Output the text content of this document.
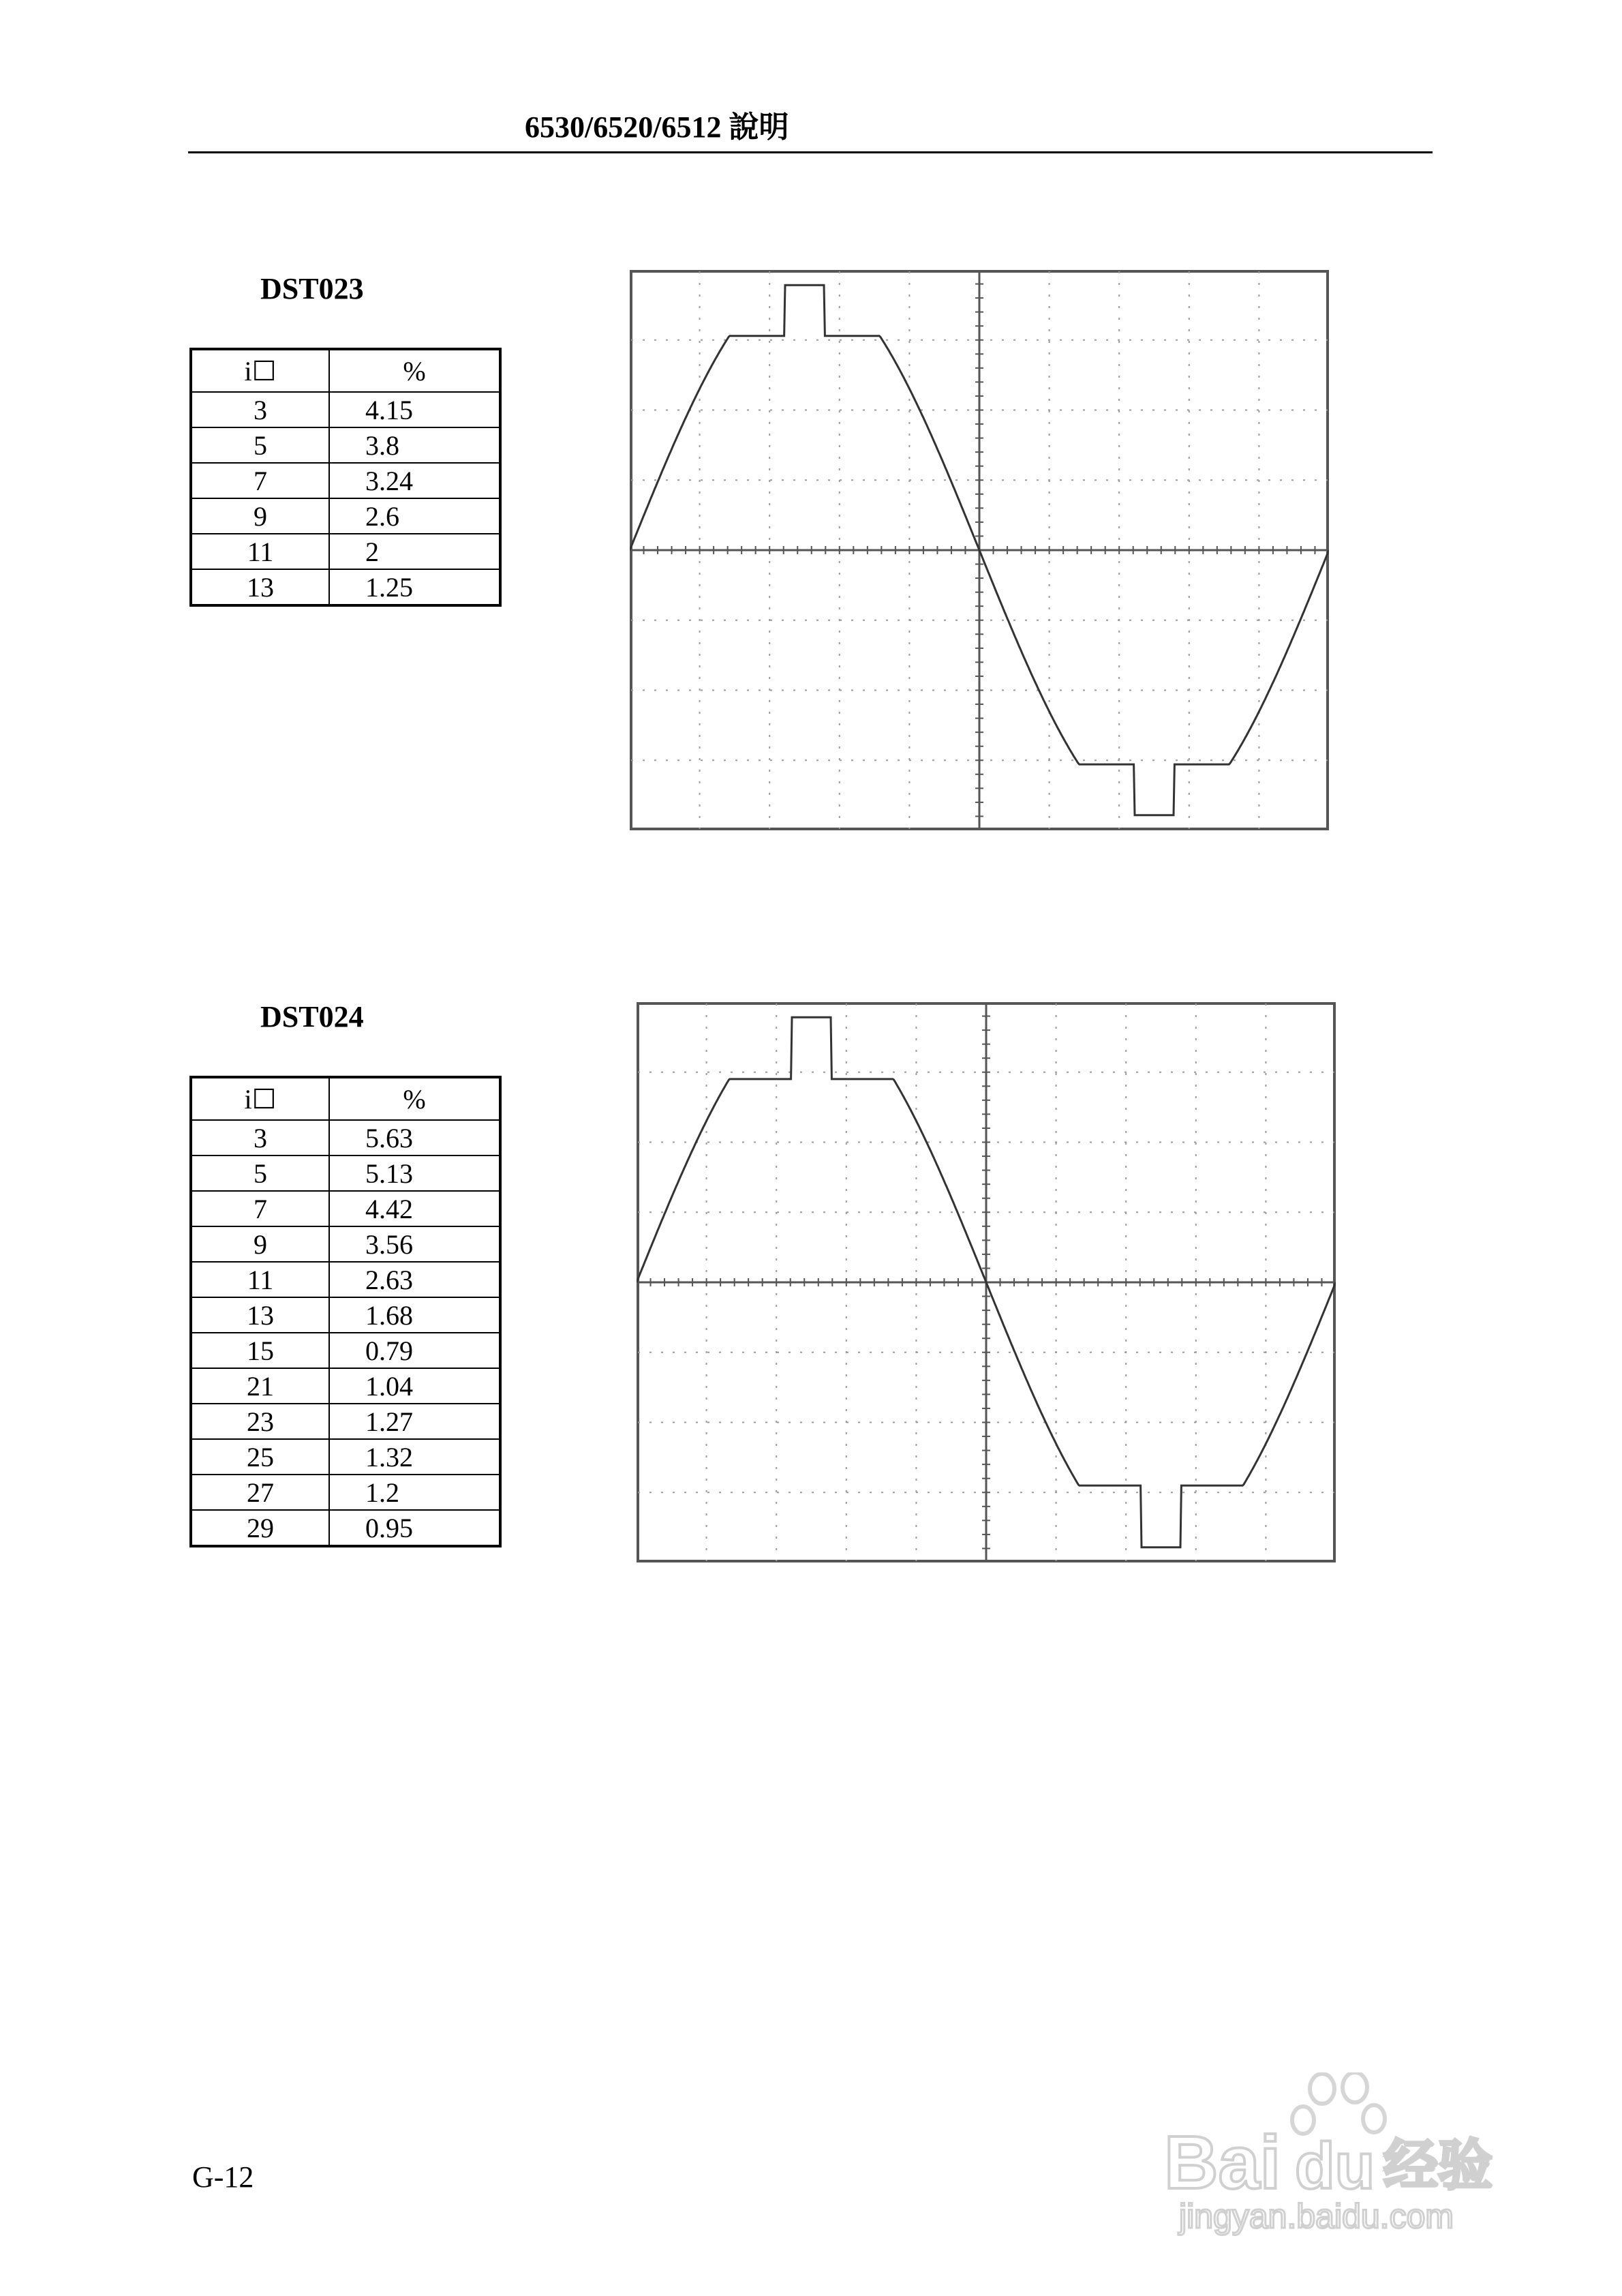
6530/6520/6512 說明
DST023
i☐	%
3	4.15
5	3.8
7	3.24
9	2.6
11	2
13	1.25
DST024
i☐	%
3	5.63
5	5.13
7	4.42
9	3.56
11	2.63
13	1.68
15	0.79
21	1.04
23	1.27
25	1.32
27	1.2
29	0.95
G-12	Bai du 经验
jingyan.baidu.com
